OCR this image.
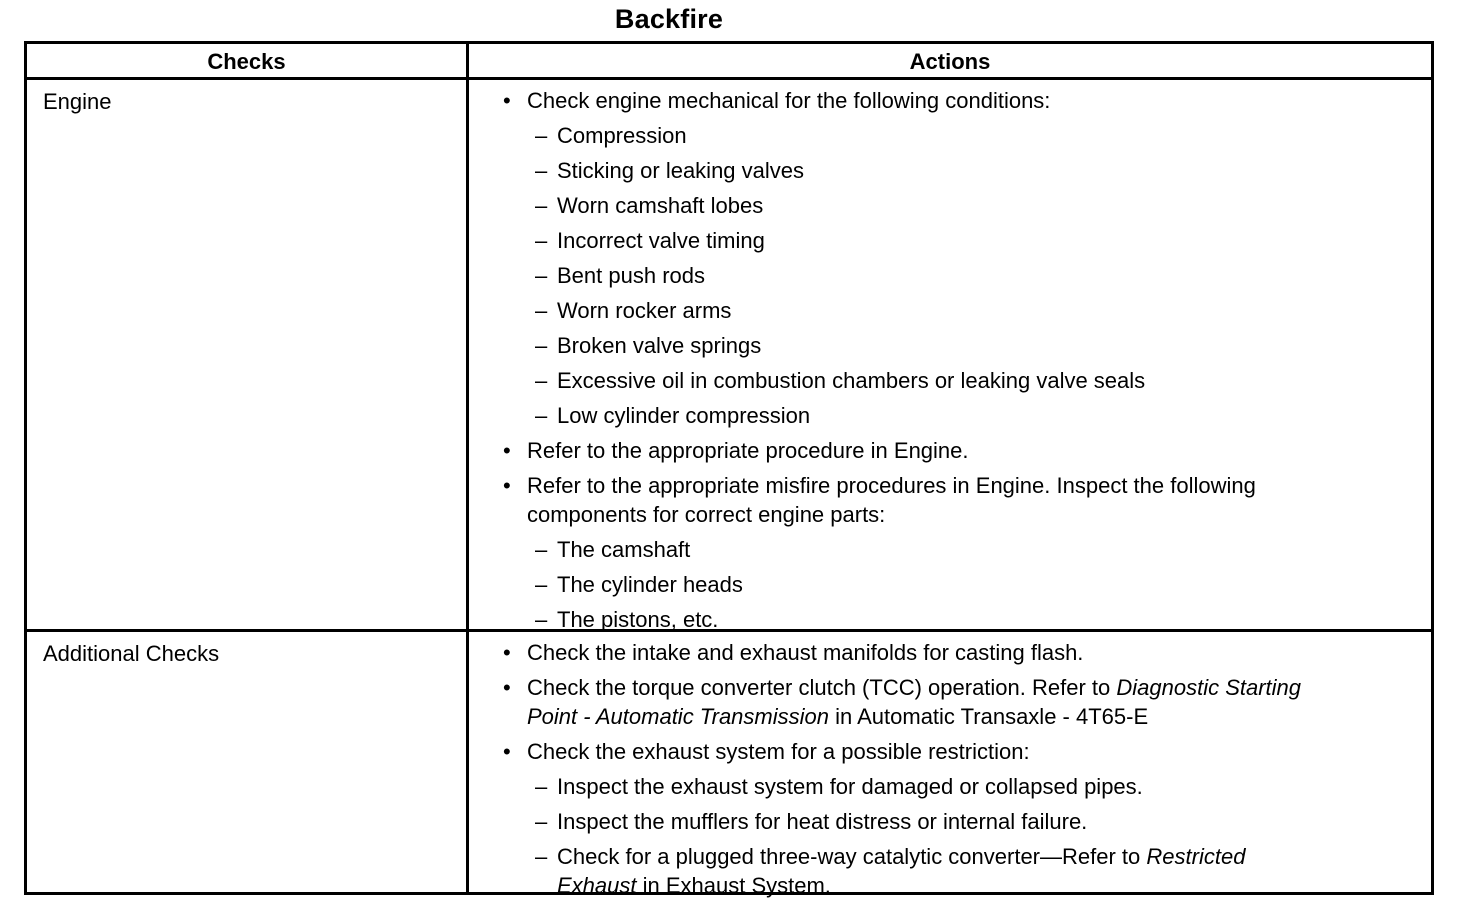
Backfire
Checks	Actions
Engine	• Check engine mechanical for the following conditions:
– Compression
– Sticking or leaking valves
– Worn camshaft lobes
– Incorrect valve timing
– Bent push rods
– Worn rocker arms
– Broken valve springs
– Excessive oil in combustion chambers or leaking valve seals
– Low cylinder compression
• Refer to the appropriate procedure in Engine.
• Refer to the appropriate misfire procedures in Engine. Inspect the following
components for correct engine parts:
– The camshaft
– The cylinder heads
– The pistons, etc.
Additional Checks	• Check the intake and exhaust manifolds for casting flash.
• Check the torque converter clutch (TCC) operation. Refer to Diagnostic Starting
Point - Automatic Transmission in Automatic Transaxle - 4T65-E
• Check the exhaust system for a possible restriction:
– Inspect the exhaust system for damaged or collapsed pipes.
– Inspect the mufflers for heat distress or internal failure.
– Check for a plugged three-way catalytic converter—Refer to Restricted
Exhaust in Exhaust System.
